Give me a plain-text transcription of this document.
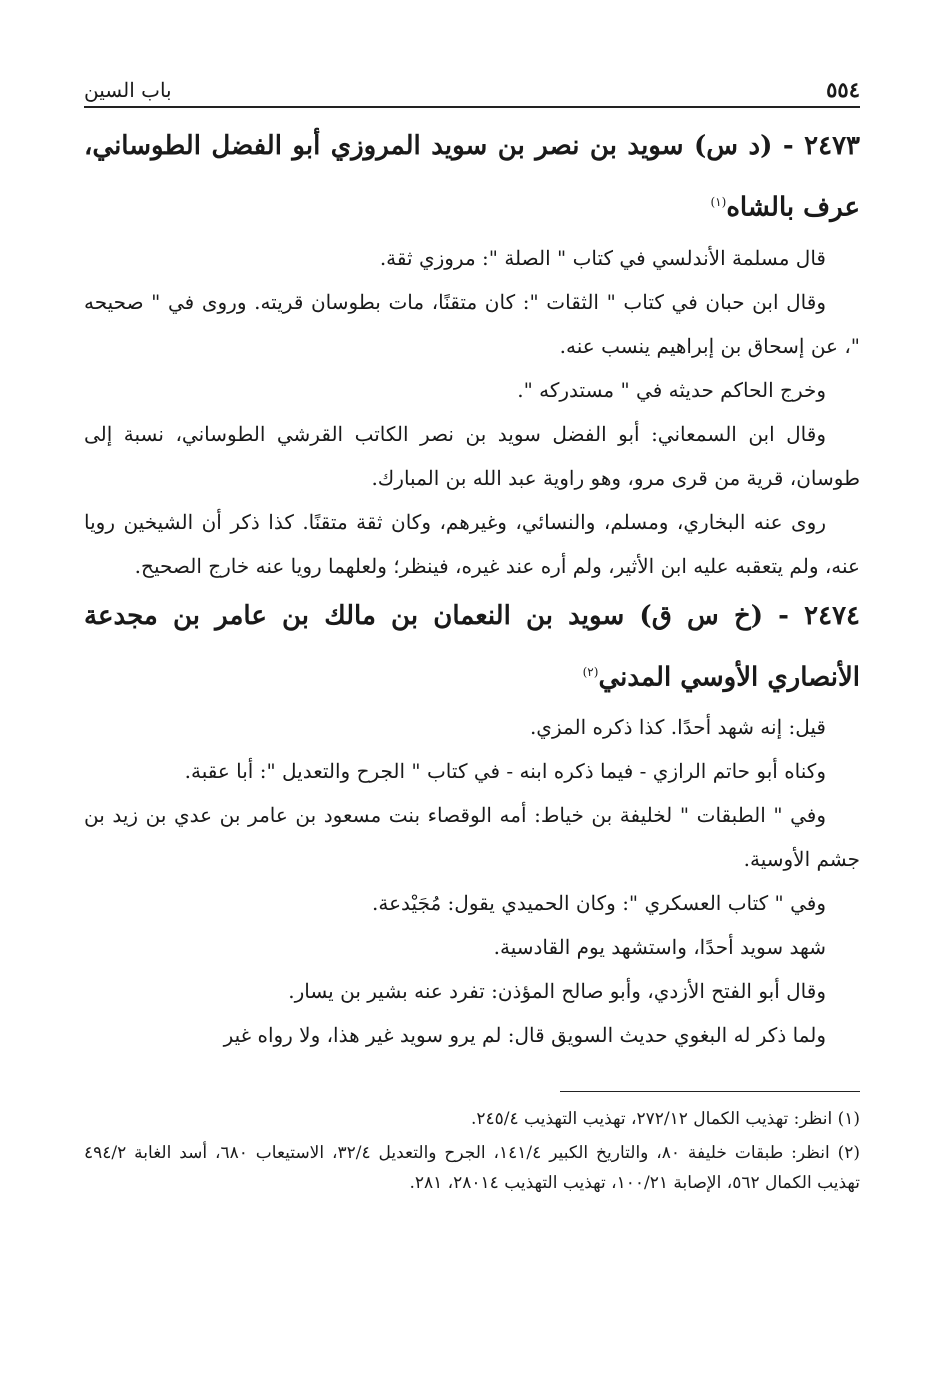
٥٥٤
باب السين
٢٤٧٣ - (د س) سويد بن نصر بن سويد المروزي أبو الفضل الطوساني، عرف بالشاه$^{(١)}$

قال مسلمة الأندلسي في كتاب " الصلة ": مروزي ثقة.

وقال ابن حبان في كتاب " الثقات ": كان متقنًا، مات بطوسان قريته. وروى في " صحيحه "، عن إسحاق بن إبراهيم ينسب عنه.

وخرج الحاكم حديثه في " مستدركه ".

وقال ابن السمعاني: أبو الفضل سويد بن نصر الكاتب القرشي الطوساني، نسبة إلى طوسان، قرية من قرى مرو، وهو راوية عبد الله بن المبارك.

روى عنه البخاري، ومسلم، والنسائي، وغيرهم، وكان ثقة متقنًا. كذا ذكر أن الشيخين رويا عنه، ولم يتعقبه عليه ابن الأثير، ولم أره عند غيره، فينظر؛ ولعلهما رويا عنه خارج الصحيح.

٢٤٧٤ - (خ س ق) سويد بن النعمان بن مالك بن عامر بن مجدعة الأنصاري الأوسي المدني$^{(٢)}$

قيل: إنه شهد أحدًا. كذا ذكره المزي.

وكناه أبو حاتم الرازي - فيما ذكره ابنه - في كتاب " الجرح والتعديل ": أبا عقبة.

وفي " الطبقات " لخليفة بن خياط: أمه الوقصاء بنت مسعود بن عامر بن عدي بن زيد بن جشم الأوسية.

وفي " كتاب العسكري ": وكان الحميدي يقول: مُجَيْدعة.

شهد سويد أحدًا، واستشهد يوم القادسية.

وقال أبو الفتح الأزدي، وأبو صالح المؤذن: تفرد عنه بشير بن يسار.

ولما ذكر له البغوي حديث السويق قال: لم يرو سويد غير هذا، ولا رواه غير

(١) انظر: تهذيب الكمال ٢٧٢/١٢، تهذيب التهذيب ٢٤٥/٤.

(٢) انظر: طبقات خليفة ٨٠، والتاريخ الكبير ١٤١/٤، الجرح والتعديل ٣٢/٤، الاستيعاب ٦٨٠، أسد الغابة ٤٩٤/٢ تهذيب الكمال ٥٦٢، الإصابة ١٠٠/٢١، تهذيب التهذيب ٢٨٠١٤، ٢٨١.
